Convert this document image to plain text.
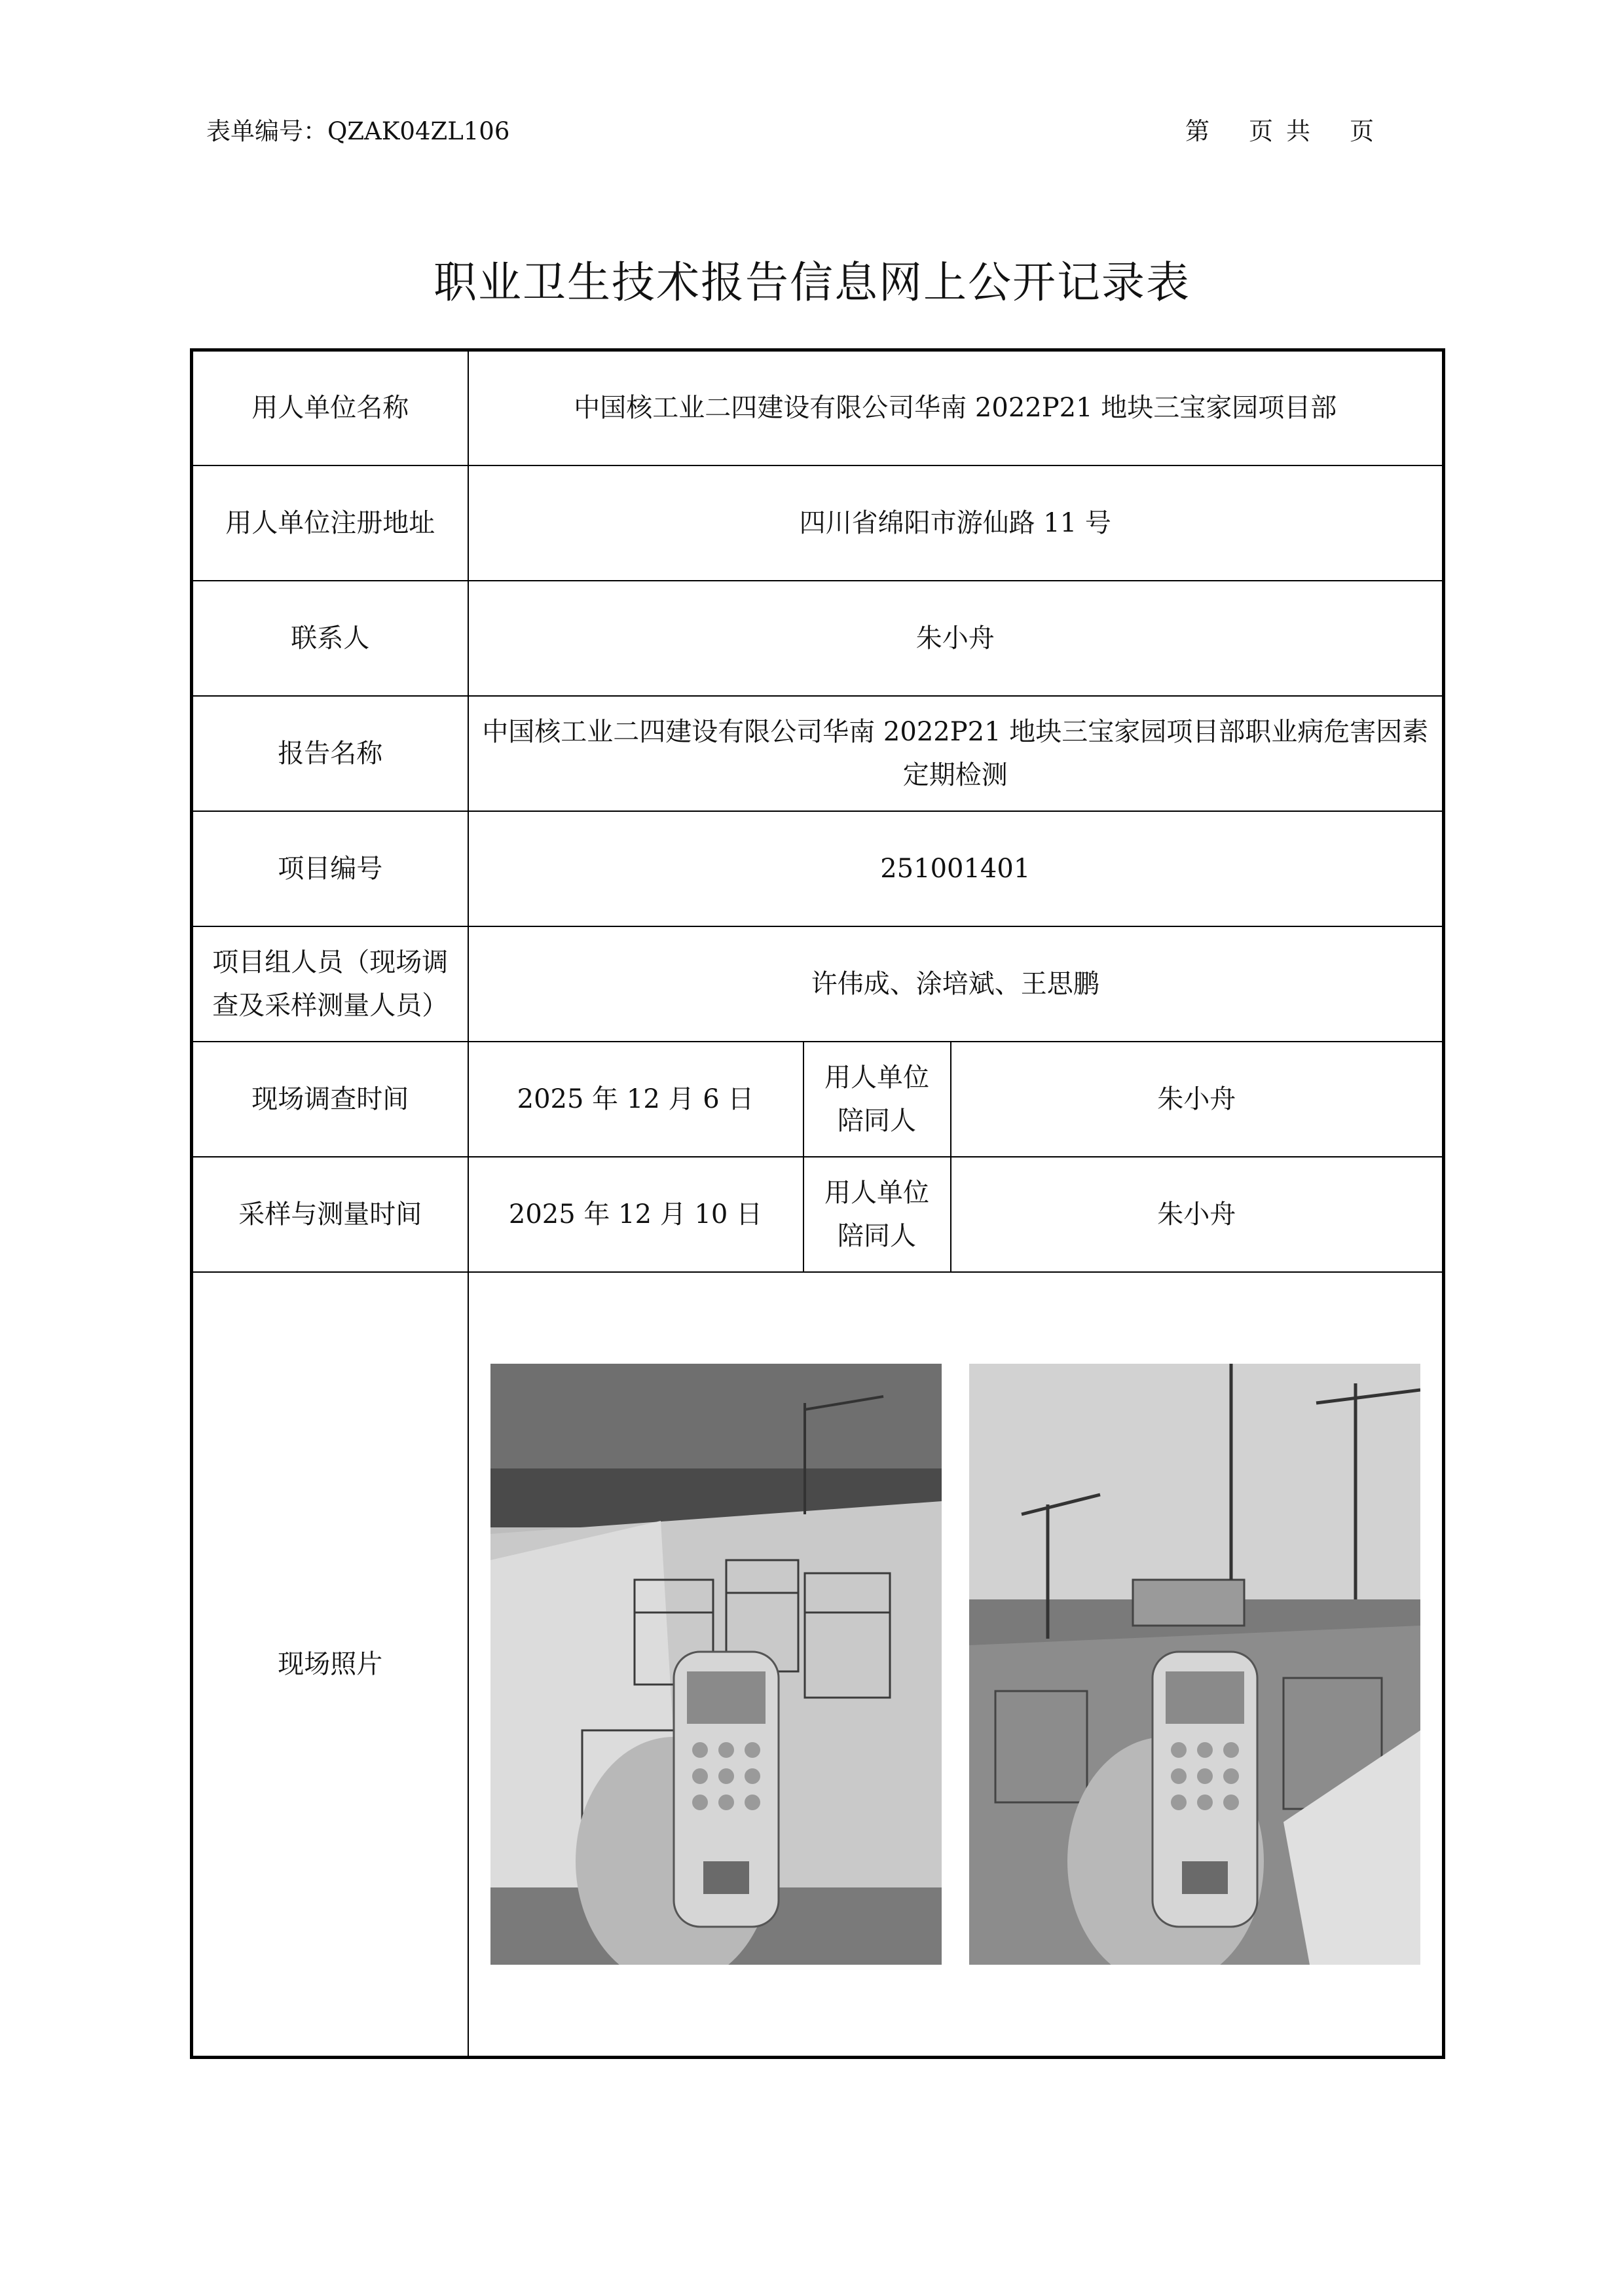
表单编号：QZAK04ZL106	第 页 共 页
职业卫生技术报告信息网上公开记录表
用人单位名称	中国核工业二四建设有限公司华南 2022P21 地块三宝家园项目部		
用人单位注册地址	四川省绵阳市游仙路 11 号		
联系人	朱小舟		
报告名称	中国核工业二四建设有限公司华南 2022P21 地块三宝家园项目部职业病危害因素定期检测		
项目编号	251001401		
项目组人员（现场调查及采样测量人员）	许伟成、涂培斌、王思鹏		
现场调查时间	2025 年 12 月 6 日	用人单位陪同人	朱小舟
采样与测量时间	2025 年 12 月 10 日	用人单位陪同人	朱小舟
现场照片	
